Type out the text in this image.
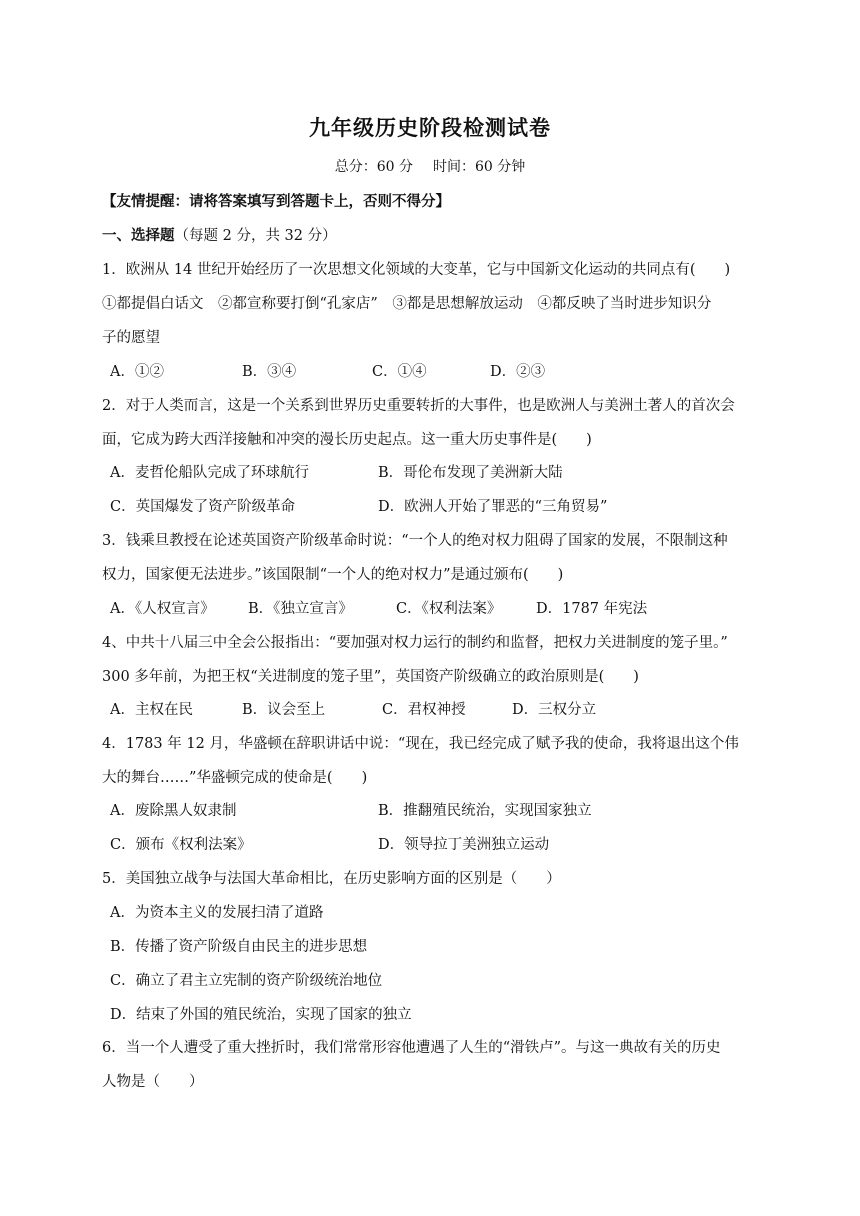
九年级历史阶段检测试卷
总分：60 分 时间：60 分钟
【友情提醒：请将答案填写到答题卡上，否则不得分】
一、选择题（每题 2 分，共 32 分）
1．欧洲从 14 世纪开始经历了一次思想文化领域的大变革，它与中国新文化运动的共同点有(　　)
①都提倡白话文　②都宣称要打倒“孔家店”　③都是思想解放运动　④都反映了当时进步知识分
子的愿望
A．①②	B．③④	C．①④	D．②③
2．对于人类而言，这是一个关系到世界历史重要转折的大事件，也是欧洲人与美洲土著人的首次会
面，它成为跨大西洋接触和冲突的漫长历史起点。这一重大历史事件是(　　)
A．麦哲伦船队完成了环球航行	B．哥伦布发现了美洲新大陆
C．英国爆发了资产阶级革命	D．欧洲人开始了罪恶的“三角贸易”
3．钱乘旦教授在论述英国资产阶级革命时说：“一个人的绝对权力阻碍了国家的发展，不限制这种
权力，国家便无法进步。”该国限制“一个人的绝对权力”是通过颁布(　　)
A．《人权宣言》 B．《独立宣言》	C．《权利法案》 D．1787 年宪法
4、中共十八届三中全会公报指出：“要加强对权力运行的制约和监督，把权力关进制度的笼子里。”
300 多年前，为把王权“关进制度的笼子里”，英国资产阶级确立的政治原则是(　　)
A．主权在民	B．议会至上	C．君权神授	D．三权分立
4．1783 年 12 月，华盛顿在辞职讲话中说：“现在，我已经完成了赋予我的使命，我将退出这个伟
大的舞台……”华盛顿完成的使命是(　　)
A．废除黑人奴隶制	B．推翻殖民统治，实现国家独立
C．颁布《权利法案》	D．领导拉丁美洲独立运动
5．美国独立战争与法国大革命相比，在历史影响方面的区别是（　　）
A．为资本主义的发展扫清了道路
B．传播了资产阶级自由民主的进步思想
C．确立了君主立宪制的资产阶级统治地位
D．结束了外国的殖民统治，实现了国家的独立
6．当一个人遭受了重大挫折时，我们常常形容他遭遇了人生的“滑铁卢”。与这一典故有关的历史
人物是（　　）
